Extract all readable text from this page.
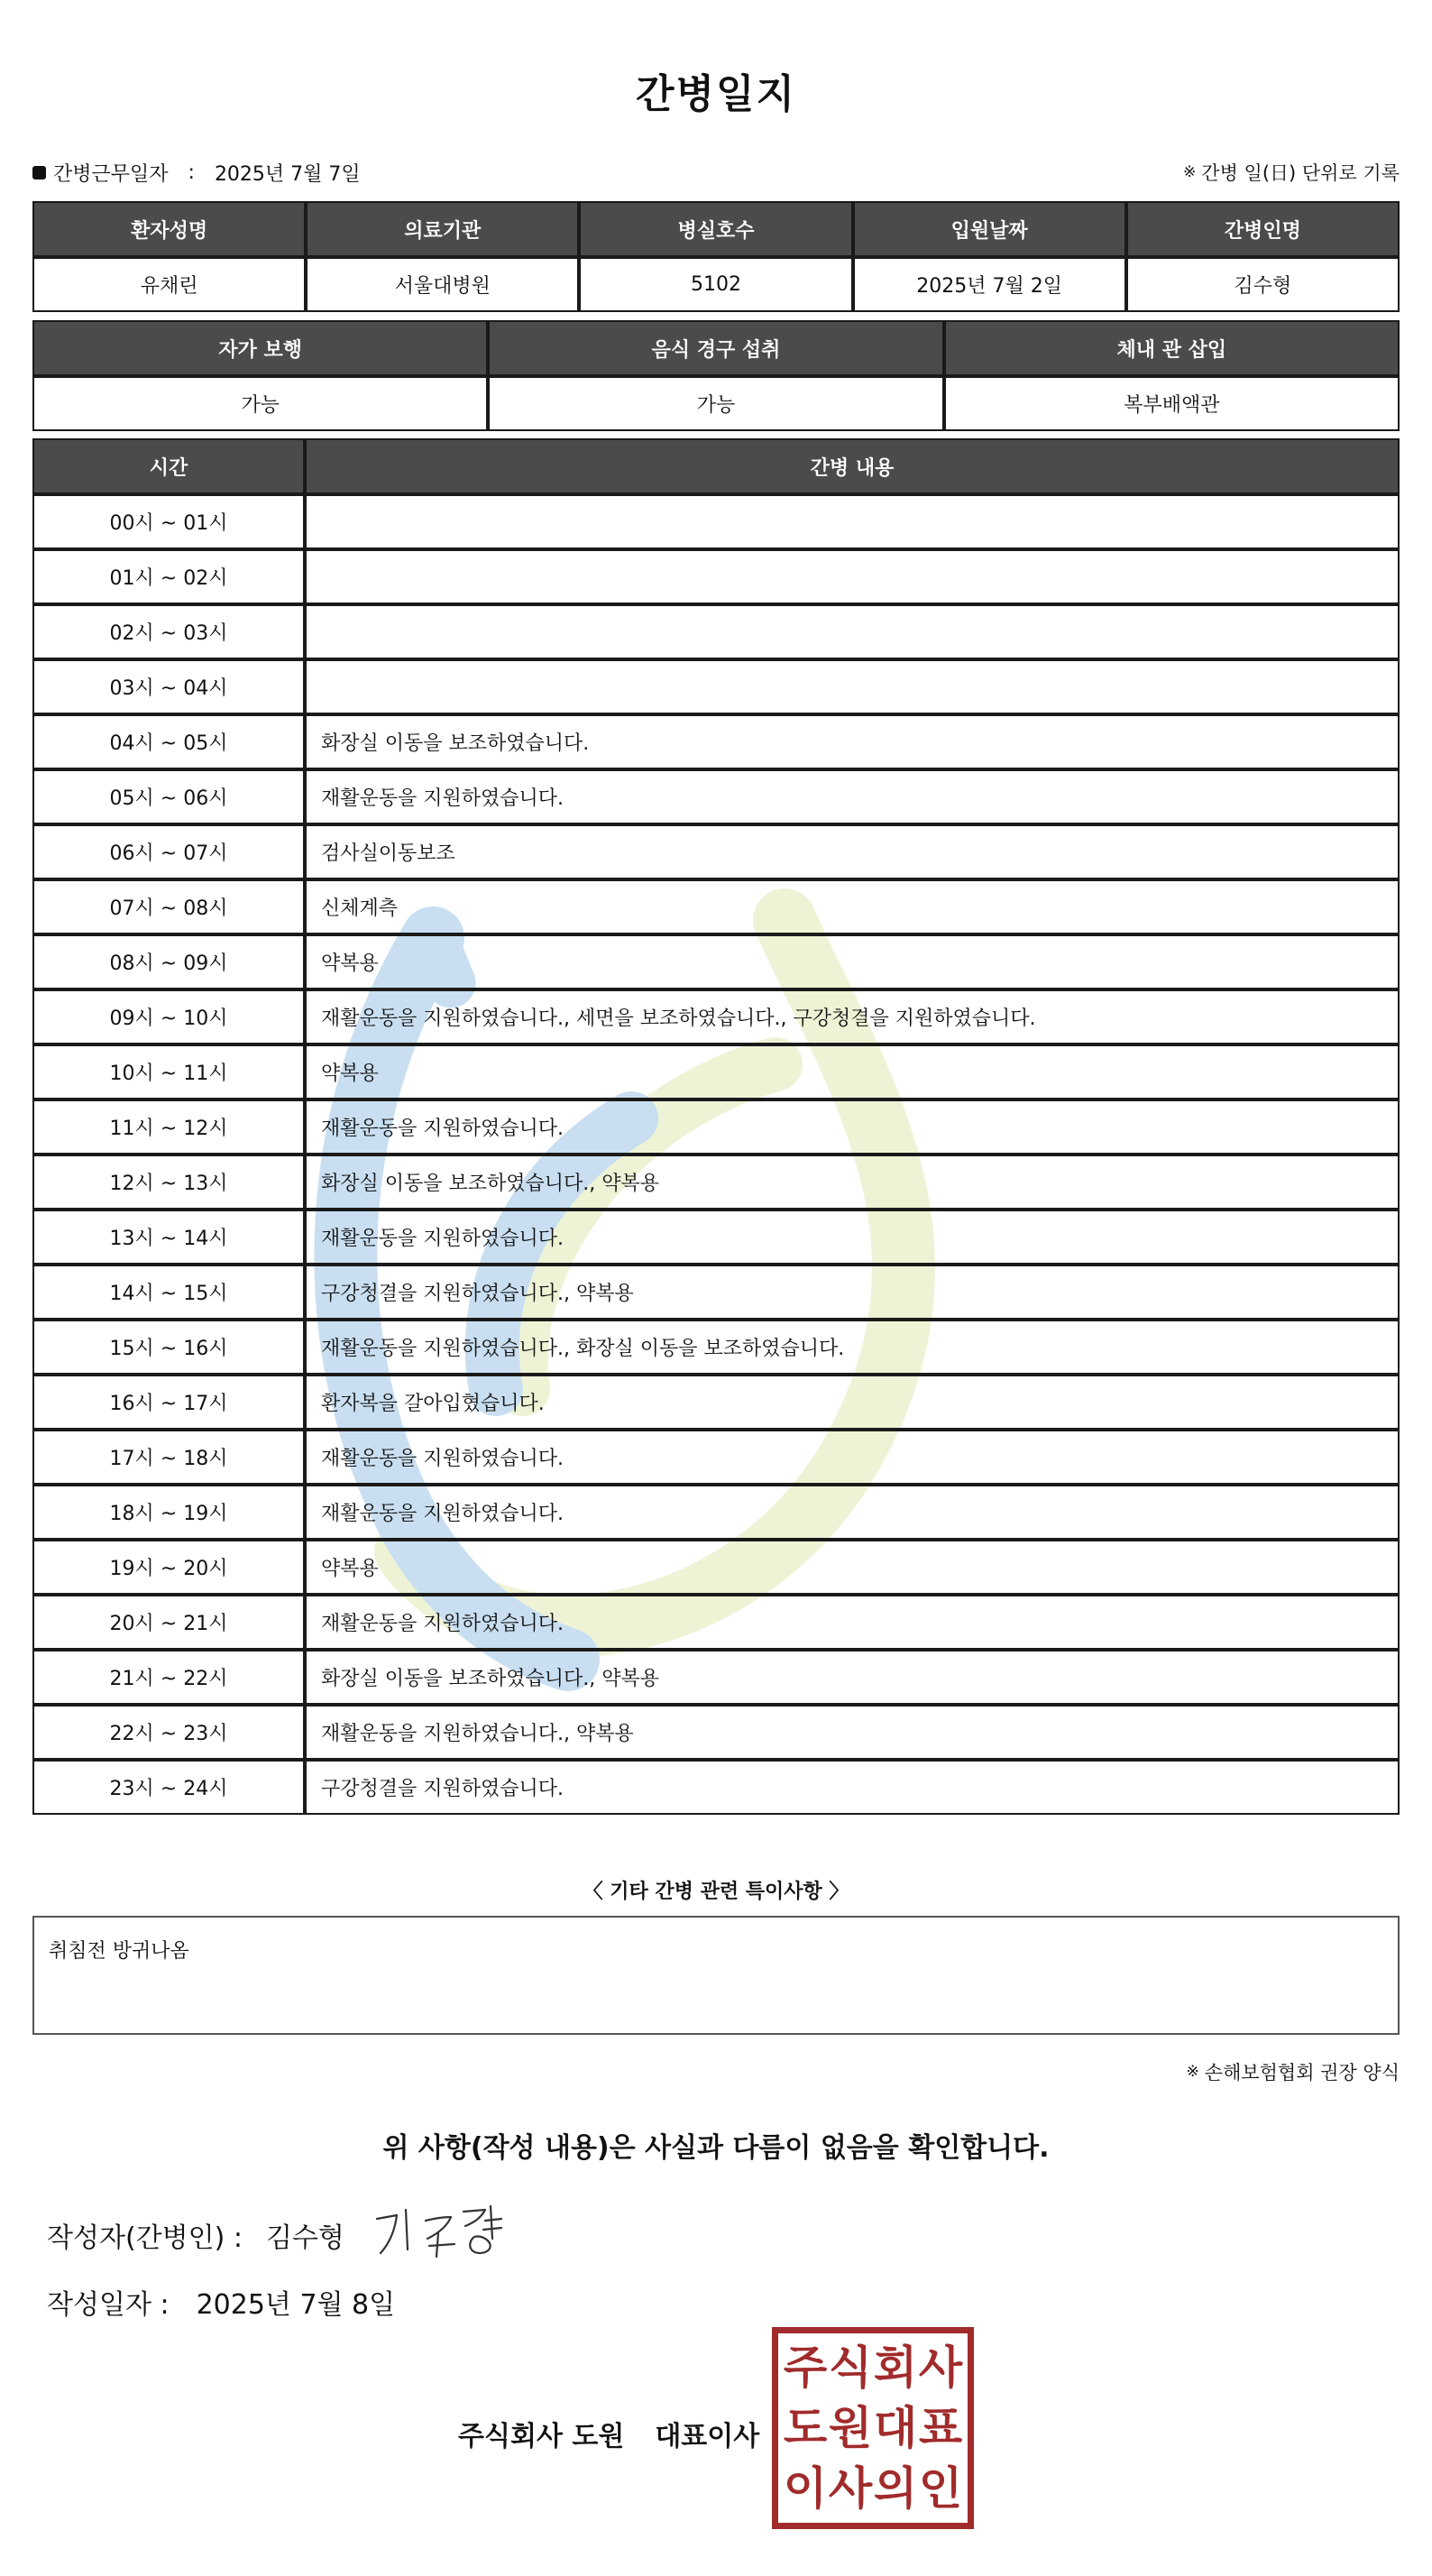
간병일지
간병근무일자 : 2025년 7월 7일	※ 간병 일(日) 단위로 기록
환자성명	의료기관	병실호수	입원날짜	간병인명
유채린	서울대병원	5102	2025년 7월 2일	김수형
자가 보행	음식 경구 섭취	체내 관 삽입
가능	가능	복부배액관
시간	간병 내용
00시 ~ 01시	
01시 ~ 02시	
02시 ~ 03시	
03시 ~ 04시	
04시 ~ 05시	화장실 이동을 보조하였습니다.
05시 ~ 06시	재활운동을 지원하였습니다.
06시 ~ 07시	검사실이동보조
07시 ~ 08시	신체계측
08시 ~ 09시	약복용
09시 ~ 10시	재활운동을 지원하였습니다., 세면을 보조하였습니다., 구강청결을 지원하였습니다.
10시 ~ 11시	약복용
11시 ~ 12시	재활운동을 지원하였습니다.
12시 ~ 13시	화장실 이동을 보조하였습니다., 약복용
13시 ~ 14시	재활운동을 지원하였습니다.
14시 ~ 15시	구강청결을 지원하였습니다., 약복용
15시 ~ 16시	재활운동을 지원하였습니다., 화장실 이동을 보조하였습니다.
16시 ~ 17시	환자복을 갈아입혔습니다.
17시 ~ 18시	재활운동을 지원하였습니다.
18시 ~ 19시	재활운동을 지원하였습니다.
19시 ~ 20시	약복용
20시 ~ 21시	재활운동을 지원하였습니다.
21시 ~ 22시	화장실 이동을 보조하였습니다., 약복용
22시 ~ 23시	재활운동을 지원하였습니다., 약복용
23시 ~ 24시	구강청결을 지원하였습니다.
〈 기타 간병 관련 특이사항 〉
취침전 방귀나옴
※ 손해보험협회 권장 양식
위 사항(작성 내용)은 사실과 다름이 없음을 확인합니다.
작성자(간병인) : 김수형
작성일자 : 2025년 7월 8일
주식회사 도원 대표이사
주 식 회 사
도 원 대 표
이 사 의 인
